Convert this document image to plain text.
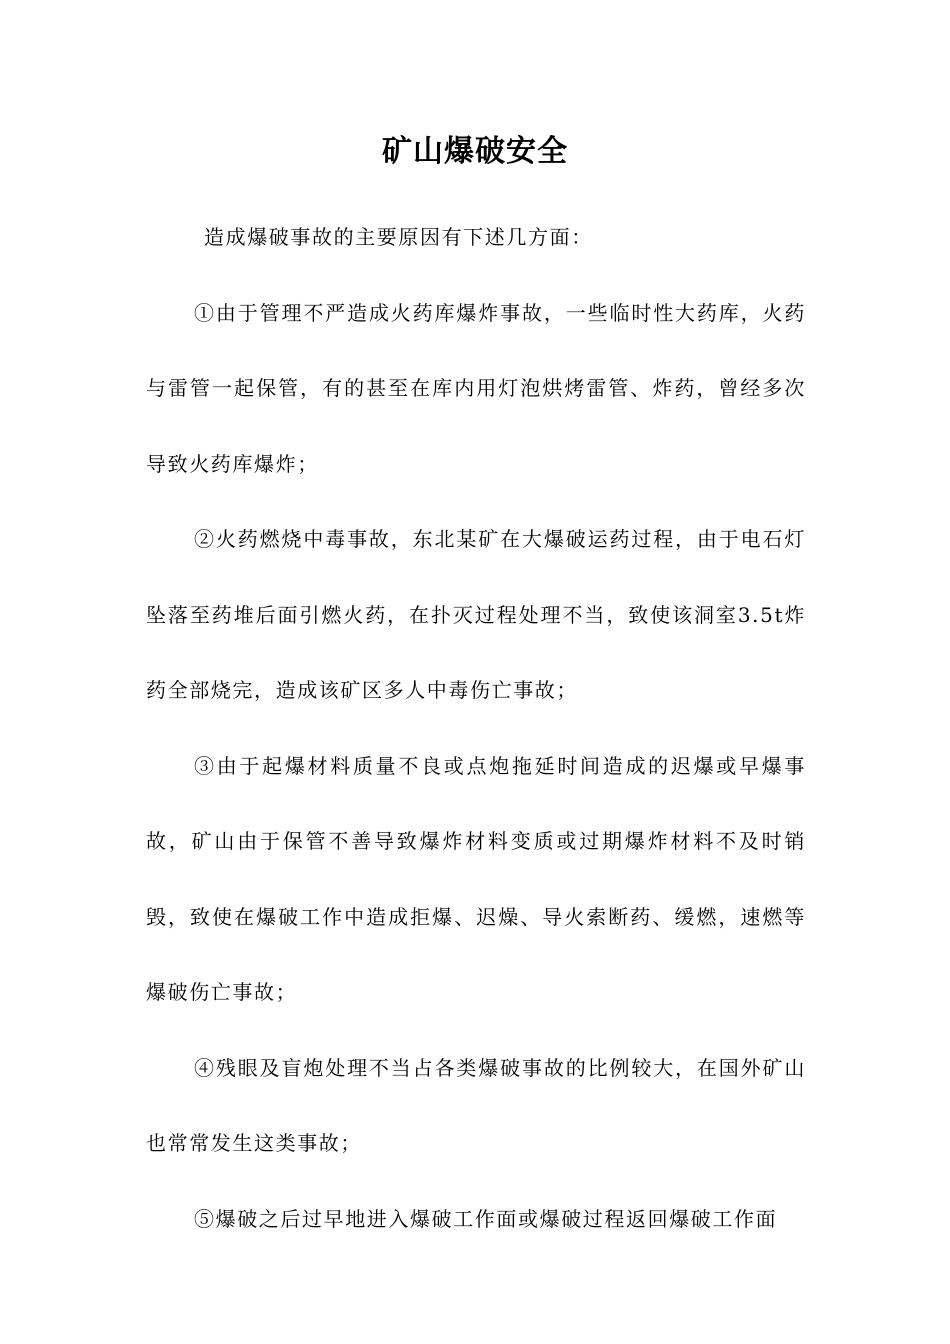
矿山爆破安全

造成爆破事故的主要原因有下述几方面：

①由于管理不严造成火药库爆炸事故，一些临时性大药库，火药与雷管一起保管，有的甚至在库内用灯泡烘烤雷管、炸药，曾经多次导致火药库爆炸；

②火药燃烧中毒事故，东北某矿在大爆破运药过程，由于电石灯坠落至药堆后面引燃火药，在扑灭过程处理不当，致使该洞室3.5t炸药全部烧完，造成该矿区多人中毒伤亡事故；

③由于起爆材料质量不良或点炮拖延时间造成的迟爆或早爆事故，矿山由于保管不善导致爆炸材料变质或过期爆炸材料不及时销毁，致使在爆破工作中造成拒爆、迟燥、导火索断药、缓燃，速燃等爆破伤亡事故；

④残眼及盲炮处理不当占各类爆破事故的比例较大，在国外矿山也常常发生这类事故；

⑤爆破之后过早地进入爆破工作面或爆破过程返回爆破工作面
